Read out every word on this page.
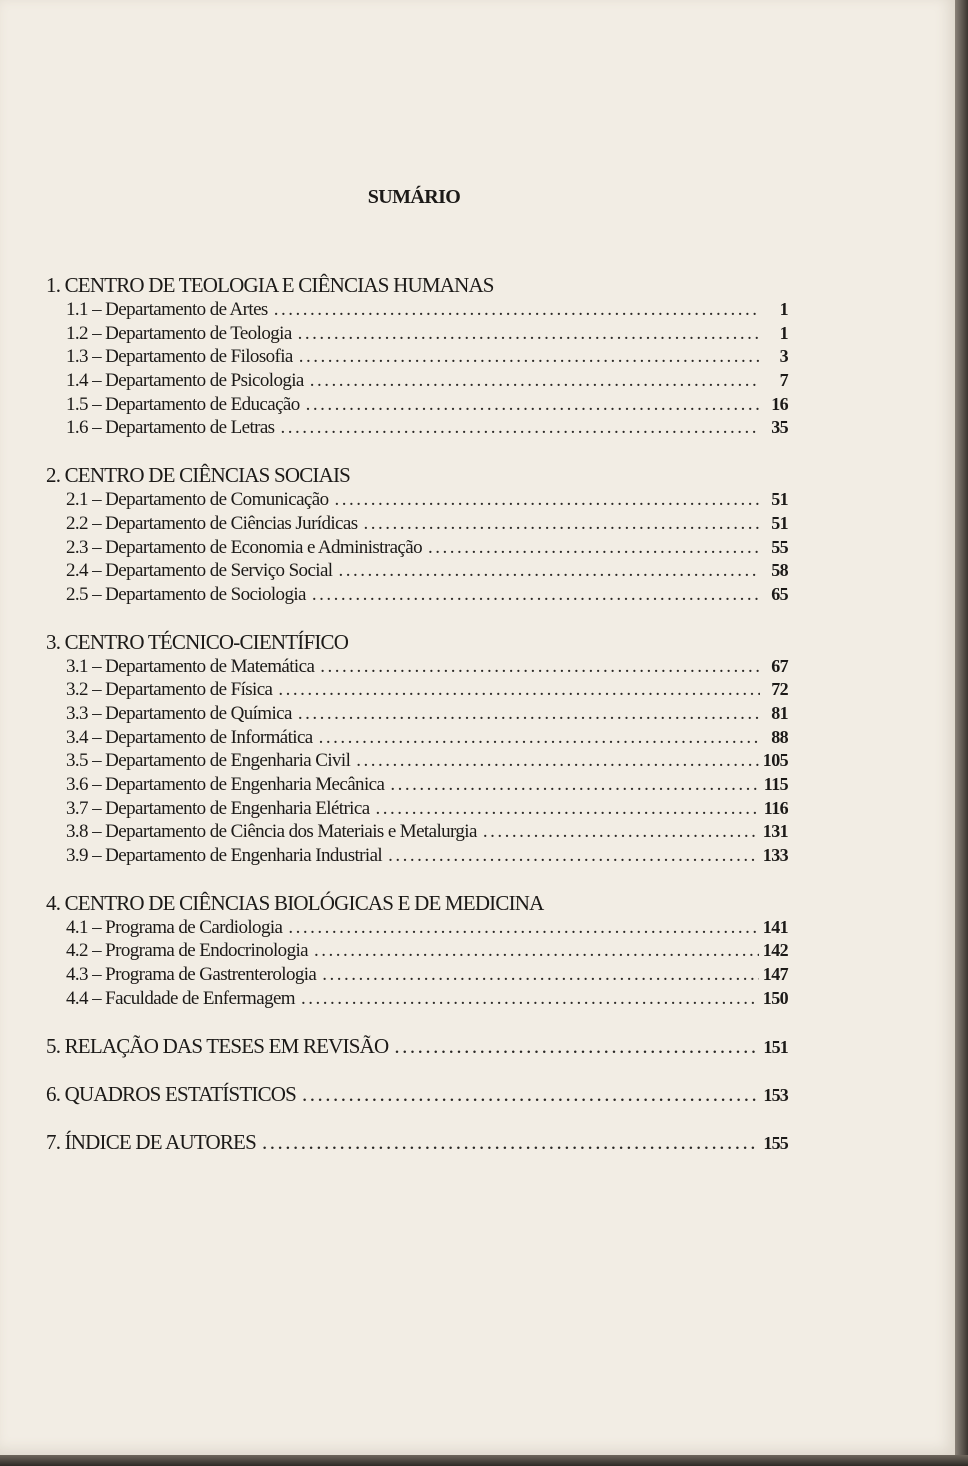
SUMÁRIO
1. CENTRO DE TEOLOGIA E CIÊNCIAS HUMANAS
1.1 – Departamento de Artes .....	1
1.2 – Departamento de Teologia .....	1
1.3 – Departamento de Filosofia .....	3
1.4 – Departamento de Psicologia .....	7
1.5 – Departamento de Educação .....	16
1.6 – Departamento de Letras .....	35
2. CENTRO DE CIÊNCIAS SOCIAIS
2.1 – Departamento de Comunicação .....	51
2.2 – Departamento de Ciências Jurídicas .....	51
2.3 – Departamento de Economia e Administração .....	55
2.4 – Departamento de Serviço Social .....	58
2.5 – Departamento de Sociologia .....	65
3. CENTRO TÉCNICO-CIENTÍFICO
3.1 – Departamento de Matemática .....	67
3.2 – Departamento de Física .....	72
3.3 – Departamento de Química .....	81
3.4 – Departamento de Informática .....	88
3.5 – Departamento de Engenharia Civil .....	105
3.6 – Departamento de Engenharia Mecânica .....	115
3.7 – Departamento de Engenharia Elétrica .....	116
3.8 – Departamento de Ciência dos Materiais e Metalurgia .....	131
3.9 – Departamento de Engenharia Industrial .....	133
4. CENTRO DE CIÊNCIAS BIOLÓGICAS E DE MEDICINA
4.1 – Programa de Cardiologia .....	141
4.2 – Programa de Endocrinologia .....	142
4.3 – Programa de Gastrenterologia .....	147
4.4 – Faculdade de Enfermagem .....	150
5. RELAÇÃO DAS TESES EM REVISÃO .....	151
6. QUADROS ESTATÍSTICOS .....	153
7. ÍNDICE DE AUTORES .....	155
